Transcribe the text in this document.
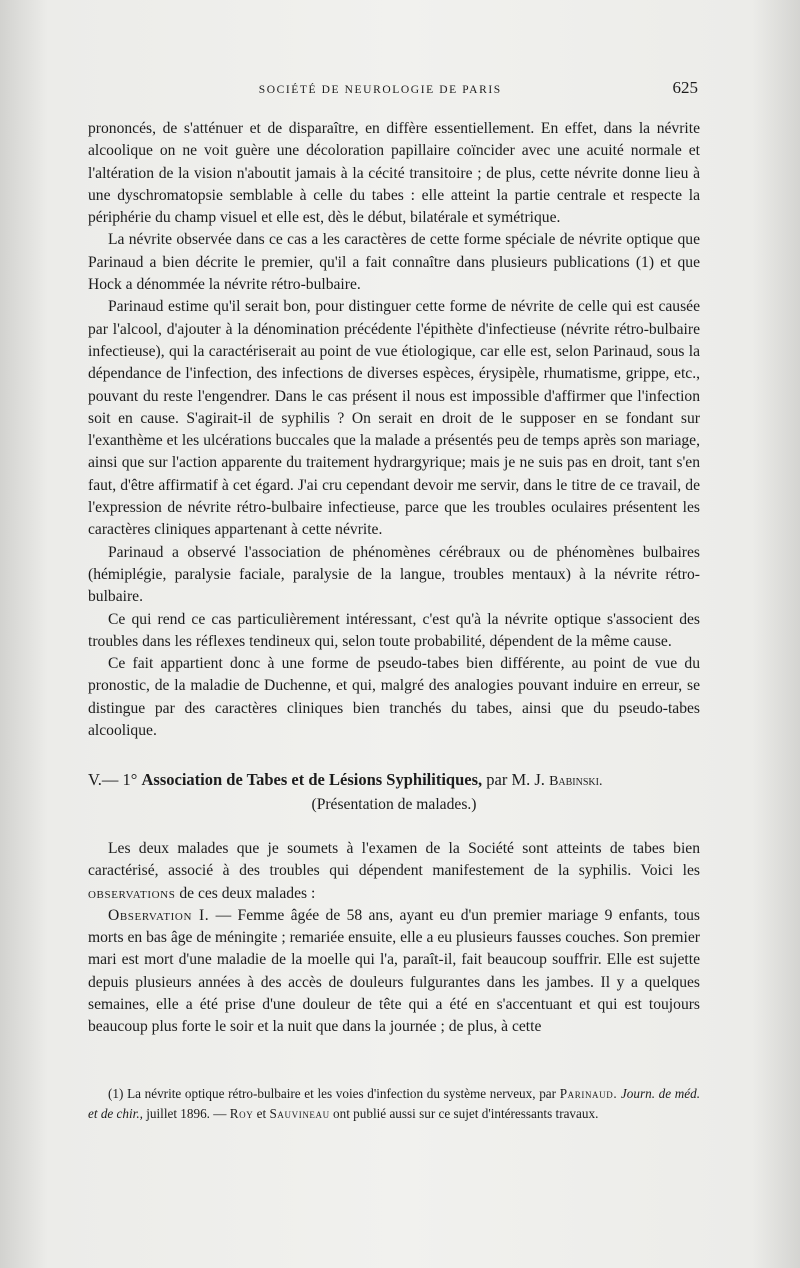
SOCIÉTÉ DE NEUROLOGIE DE PARIS	625

prononcés, de s'atténuer et de disparaître, en diffère essentiellement. En effet, dans la névrite alcoolique on ne voit guère une décoloration papillaire coïncider avec une acuité normale et l'altération de la vision n'aboutit jamais à la cécité transitoire ; de plus, cette névrite donne lieu à une dyschromatopsie semblable à celle du tabes : elle atteint la partie centrale et respecte la périphérie du champ visuel et elle est, dès le début, bilatérale et symétrique.

La névrite observée dans ce cas a les caractères de cette forme spéciale de névrite optique que Parinaud a bien décrite le premier, qu'il a fait connaître dans plusieurs publications (1) et que Hock a dénommée la névrite rétro-bulbaire.

Parinaud estime qu'il serait bon, pour distinguer cette forme de névrite de celle qui est causée par l'alcool, d'ajouter à la dénomination précédente l'épithète d'infectieuse (névrite rétro-bulbaire infectieuse), qui la caractériserait au point de vue étiologique, car elle est, selon Parinaud, sous la dépendance de l'infection, des infections de diverses espèces, érysipèle, rhumatisme, grippe, etc., pouvant du reste l'engendrer. Dans le cas présent il nous est impossible d'affirmer que l'infection soit en cause. S'agirait-il de syphilis ? On serait en droit de le supposer en se fondant sur l'exanthème et les ulcérations buccales que la malade a présentés peu de temps après son mariage, ainsi que sur l'action apparente du traitement hydrargyrique; mais je ne suis pas en droit, tant s'en faut, d'être affirmatif à cet égard. J'ai cru cependant devoir me servir, dans le titre de ce travail, de l'expression de névrite rétro-bulbaire infectieuse, parce que les troubles oculaires présentent les caractères cliniques appartenant à cette névrite.

Parinaud a observé l'association de phénomènes cérébraux ou de phénomènes bulbaires (hémiplégie, paralysie faciale, paralysie de la langue, troubles mentaux) à la névrite rétro-bulbaire.

Ce qui rend ce cas particulièrement intéressant, c'est qu'à la névrite optique s'associent des troubles dans les réflexes tendineux qui, selon toute probabilité, dépendent de la même cause.

Ce fait appartient donc à une forme de pseudo-tabes bien différente, au point de vue du pronostic, de la maladie de Duchenne, et qui, malgré des analogies pouvant induire en erreur, se distingue par des caractères cliniques bien tranchés du tabes, ainsi que du pseudo-tabes alcoolique.

V.— 1° Association de Tabes et de Lésions Syphilitiques, par M. J. Babinski.
(Présentation de malades.)

Les deux malades que je soumets à l'examen de la Société sont atteints de tabes bien caractérisé, associé à des troubles qui dépendent manifestement de la syphilis. Voici les observations de ces deux malades :

Observation I. — Femme âgée de 58 ans, ayant eu d'un premier mariage 9 enfants, tous morts en bas âge de méningite ; remariée ensuite, elle a eu plusieurs fausses couches. Son premier mari est mort d'une maladie de la moelle qui l'a, paraît-il, fait beaucoup souffrir. Elle est sujette depuis plusieurs années à des accès de douleurs fulgurantes dans les jambes. Il y a quelques semaines, elle a été prise d'une douleur de tête qui a été en s'accentuant et qui est toujours beaucoup plus forte le soir et la nuit que dans la journée ; de plus, à cette

(1) La névrite optique rétro-bulbaire et les voies d'infection du système nerveux, par Parinaud. Journ. de méd. et de chir., juillet 1896. — Roy et Sauvineau ont publié aussi sur ce sujet d'intéressants travaux.
